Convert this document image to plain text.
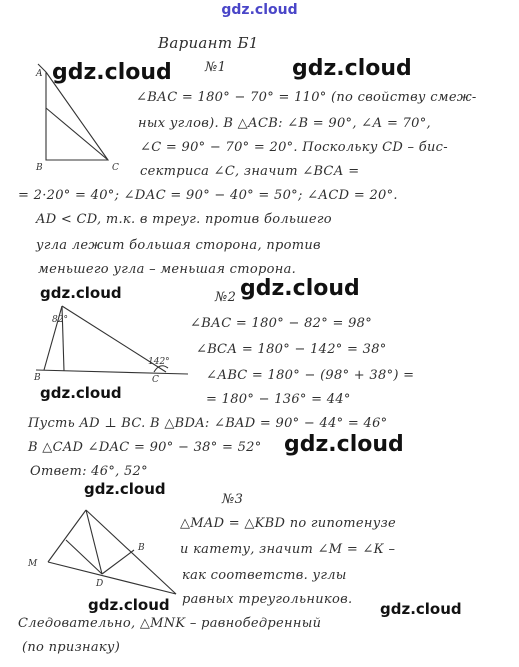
gdz.cloud
Вариант Б1
№1
A
B	C
∠ВАС = 180° − 70° = 110° (по свойству смеж-
ных углов). В △АСВ: ∠В = 90°, ∠А = 70°,
∠С = 90° − 70° = 20°. Поскольку CD – бис-
сектриса ∠С, значит ∠ВСА =
= 2·20° = 40°; ∠DАС = 90° − 40° = 50°; ∠АСD = 20°.
AD < CD, т.к. в треуг. против большего
угла лежит большая сторона, против
меньшего угла – меньшая сторона.
№2
82°
142°
B	C
∠ВАС = 180° − 82° = 98°
∠ВСА = 180° − 142° = 38°
∠АВС = 180° − (98° + 38°) =
= 180° − 136° = 44°
Пусть AD ⊥ BC. В △BDA: ∠BAD = 90° − 44° = 46°
В △СAD ∠DAC = 90° − 38° = 52°
Ответ: 46°, 52°
№3
M
D
B
△MAD = △KBD по гипотенузе
и катету, значит ∠М = ∠К –
как соответств. углы
равных треугольников.
Следовательно, △MNK – равнобедренный
(по признаку)
gdz.cloud	gdz.cloud
gdz.cloud	gdz.cloud
gdz.cloud
gdz.cloud
gdz.cloud
gdz.cloud	gdz.cloud
